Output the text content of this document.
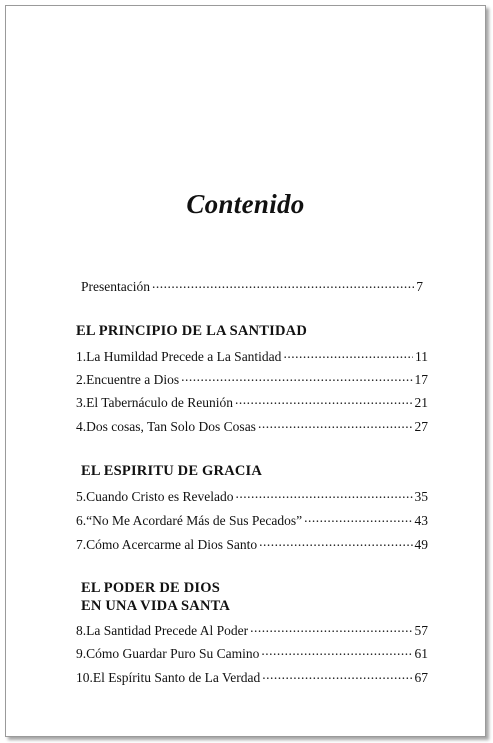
Contenido
Presentación .....	7
EL PRINCIPIO DE LA SANTIDAD
1.La Humildad Precede a La Santidad .....	11
2.Encuentre a Dios .....	17
3.El Tabernáculo de Reunión .....	21
4.Dos cosas, Tan Solo Dos Cosas .....	27
EL ESPIRITU DE GRACIA
5.Cuando Cristo es Revelado .....	35
6.“No Me Acordaré Más de Sus Pecados” .....	43
7.Cómo Acercarme al Dios Santo .....	49
EL PODER DE DIOS
EN UNA VIDA SANTA
8.La Santidad Precede Al Poder .....	57
9.Cómo Guardar Puro Su Camino .....	61
10.El Espíritu Santo de La Verdad .....	67
